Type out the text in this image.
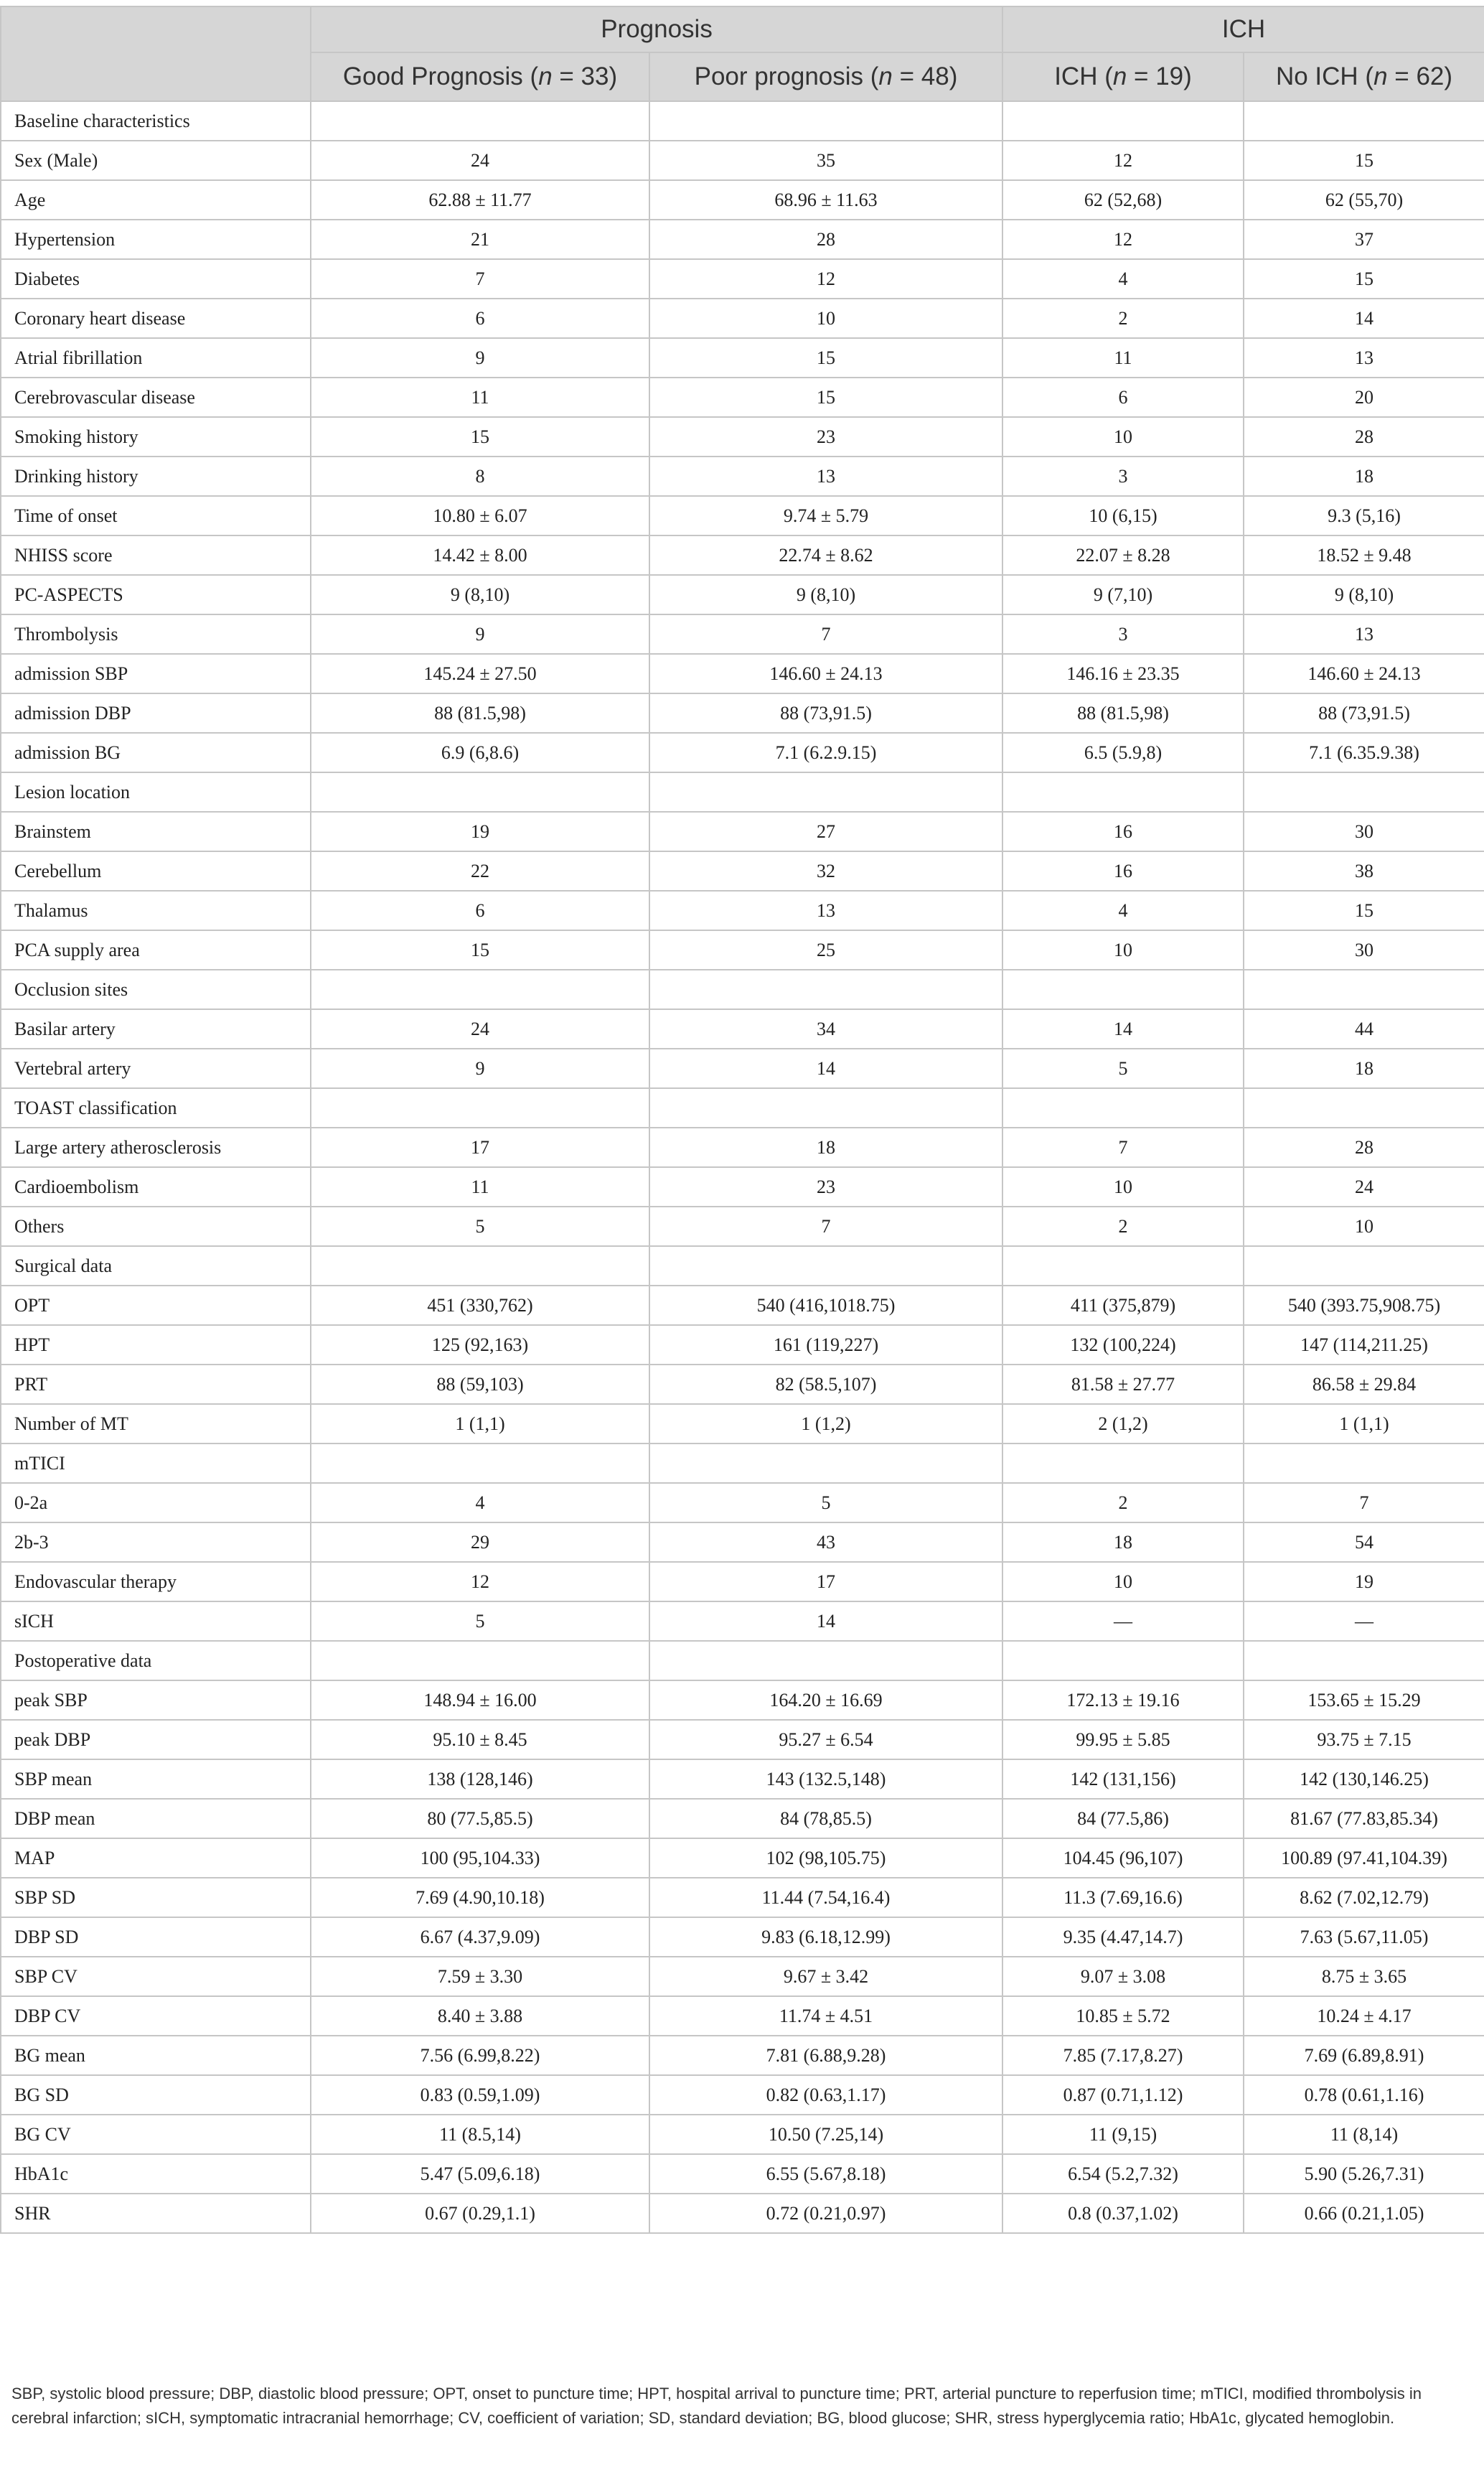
	Prognosis		ICH	
	Good Prognosis (n = 33)	Poor prognosis (n = 48)	ICH (n = 19)	No ICH (n = 62)
Baseline characteristics				
Sex (Male)	24	35	12	15
Age	62.88 ± 11.77	68.96 ± 11.63	62 (52,68)	62 (55,70)
Hypertension	21	28	12	37
Diabetes	7	12	4	15
Coronary heart disease	6	10	2	14
Atrial fibrillation	9	15	11	13
Cerebrovascular disease	11	15	6	20
Smoking history	15	23	10	28
Drinking history	8	13	3	18
Time of onset	10.80 ± 6.07	9.74 ± 5.79	10 (6,15)	9.3 (5,16)
NHISS score	14.42 ± 8.00	22.74 ± 8.62	22.07 ± 8.28	18.52 ± 9.48
PC-ASPECTS	9 (8,10)	9 (8,10)	9 (7,10)	9 (8,10)
Thrombolysis	9	7	3	13
admission SBP	145.24 ± 27.50	146.60 ± 24.13	146.16 ± 23.35	146.60 ± 24.13
admission DBP	88 (81.5,98)	88 (73,91.5)	88 (81.5,98)	88 (73,91.5)
admission BG	6.9 (6,8.6)	7.1 (6.2.9.15)	6.5 (5.9,8)	7.1 (6.35.9.38)
Lesion location				
Brainstem	19	27	16	30
Cerebellum	22	32	16	38
Thalamus	6	13	4	15
PCA supply area	15	25	10	30
Occlusion sites				
Basilar artery	24	34	14	44
Vertebral artery	9	14	5	18
TOAST classification				
Large artery atherosclerosis	17	18	7	28
Cardioembolism	11	23	10	24
Others	5	7	2	10
Surgical data				
OPT	451 (330,762)	540 (416,1018.75)	411 (375,879)	540 (393.75,908.75)
HPT	125 (92,163)	161 (119,227)	132 (100,224)	147 (114,211.25)
PRT	88 (59,103)	82 (58.5,107)	81.58 ± 27.77	86.58 ± 29.84
Number of MT	1 (1,1)	1 (1,2)	2 (1,2)	1 (1,1)
mTICI				
0-2a	4	5	2	7
2b-3	29	43	18	54
Endovascular therapy	12	17	10	19
sICH	5	14	—	—
Postoperative data				
peak SBP	148.94 ± 16.00	164.20 ± 16.69	172.13 ± 19.16	153.65 ± 15.29
peak DBP	95.10 ± 8.45	95.27 ± 6.54	99.95 ± 5.85	93.75 ± 7.15
SBP mean	138 (128,146)	143 (132.5,148)	142 (131,156)	142 (130,146.25)
DBP mean	80 (77.5,85.5)	84 (78,85.5)	84 (77.5,86)	81.67 (77.83,85.34)
MAP	100 (95,104.33)	102 (98,105.75)	104.45 (96,107)	100.89 (97.41,104.39)
SBP SD	7.69 (4.90,10.18)	11.44 (7.54,16.4)	11.3 (7.69,16.6)	8.62 (7.02,12.79)
DBP SD	6.67 (4.37,9.09)	9.83 (6.18,12.99)	9.35 (4.47,14.7)	7.63 (5.67,11.05)
SBP CV	7.59 ± 3.30	9.67 ± 3.42	9.07 ± 3.08	8.75 ± 3.65
DBP CV	8.40 ± 3.88	11.74 ± 4.51	10.85 ± 5.72	10.24 ± 4.17
BG mean	7.56 (6.99,8.22)	7.81 (6.88,9.28)	7.85 (7.17,8.27)	7.69 (6.89,8.91)
BG SD	0.83 (0.59,1.09)	0.82 (0.63,1.17)	0.87 (0.71,1.12)	0.78 (0.61,1.16)
BG CV	11 (8.5,14)	10.50 (7.25,14)	11 (9,15)	11 (8,14)
HbA1c	5.47 (5.09,6.18)	6.55 (5.67,8.18)	6.54 (5.2,7.32)	5.90 (5.26,7.31)
SHR	0.67 (0.29,1.1)	0.72 (0.21,0.97)	0.8 (0.37,1.02)	0.66 (0.21,1.05)
SBP, systolic blood pressure; DBP, diastolic blood pressure; OPT, onset to puncture time; HPT, hospital arrival to puncture time; PRT, arterial puncture to reperfusion time; mTICI, modified thrombolysis in cerebral infarction; sICH, symptomatic intracranial hemorrhage; CV, coefficient of variation; SD, standard deviation; BG, blood glucose; SHR, stress hyperglycemia ratio; HbA1c, glycated hemoglobin.
